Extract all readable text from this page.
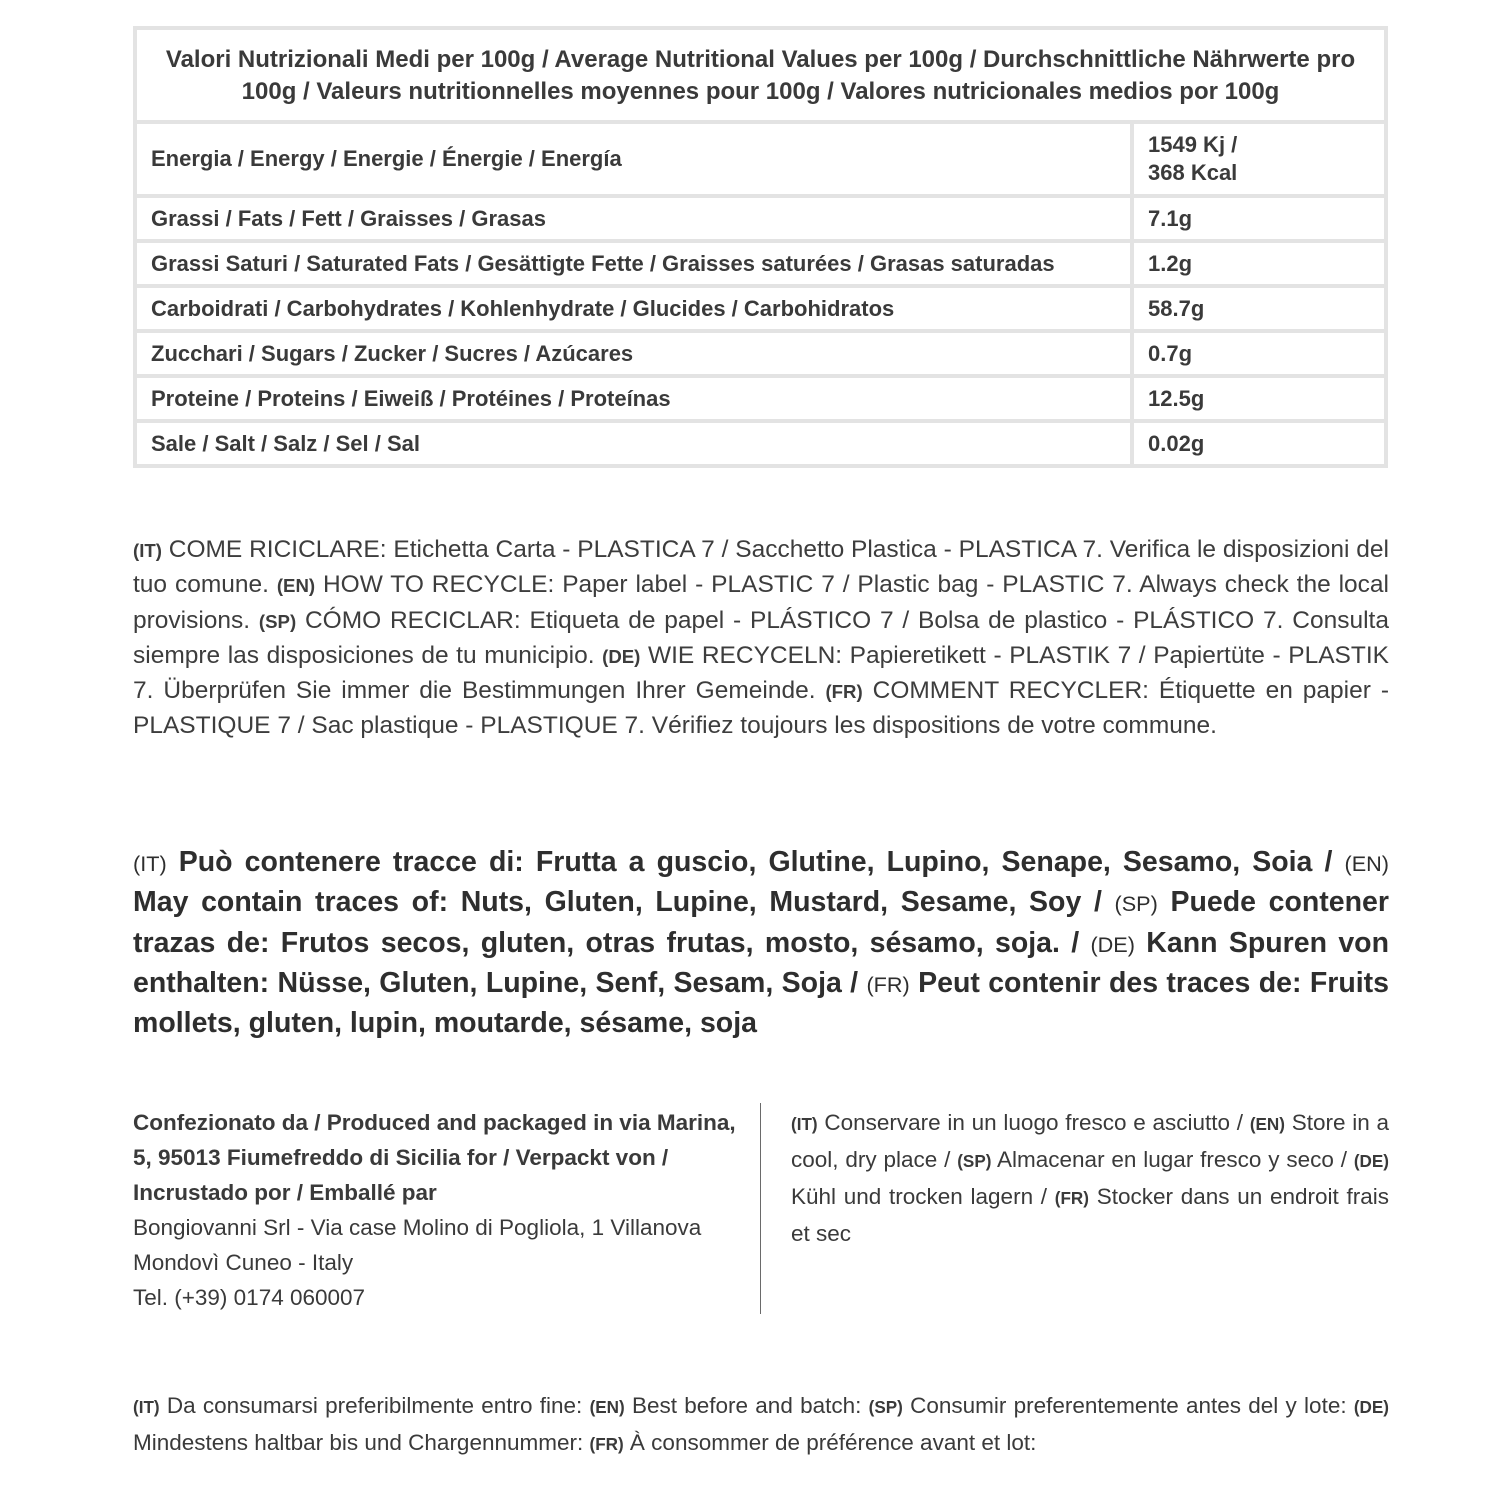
Valori Nutrizionali Medi per 100g / Average Nutritional Values per 100g / Durchschnittliche Nährwerte pro 100g / Valeurs nutritionnelles moyennes pour 100g / Valores nutricionales medios por 100g	
Energia / Energy / Energie / Énergie / Energía	1549 Kj /
368 Kcal

Grassi / Fats / Fett / Graisses / Grasas	7.1g
Grassi Saturi / Saturated Fats / Gesättigte Fette / Graisses saturées / Grasas saturadas	1.2g
Carboidrati / Carbohydrates / Kohlenhydrate / Glucides / Carbohidratos	58.7g
Zucchari / Sugars / Zucker / Sucres / Azúcares	0.7g
Proteine / Proteins / Eiweiß / Protéines / Proteínas	12.5g
Sale / Salt / Salz / Sel / Sal	0.02g

(IT) COME RICICLARE: Etichetta Carta - PLASTICA 7 / Sacchetto Plastica - PLASTICA 7. Verifica le disposizioni del tuo comune. (EN) HOW TO RECYCLE: Paper label - PLASTIC 7 / Plastic bag - PLASTIC 7. Always check the local provisions. (SP) CÓMO RECICLAR: Etiqueta de papel - PLÁSTICO 7 / Bolsa de plastico - PLÁSTICO 7. Consulta siempre las disposiciones de tu municipio. (DE) WIE RECYCELN: Papieretikett - PLASTIK 7 / Papiertüte - PLASTIK 7. Überprüfen Sie immer die Bestimmungen Ihrer Gemeinde. (FR) COMMENT RECYCLER: Étiquette en papier - PLASTIQUE 7 / Sac plastique - PLASTIQUE 7. Vérifiez toujours les dispositions de votre commune.

(IT) Può contenere tracce di: Frutta a guscio, Glutine, Lupino, Senape, Sesamo, Soia / (EN) May contain traces of: Nuts, Gluten, Lupine, Mustard, Sesame, Soy / (SP) Puede contener trazas de: Frutos secos, gluten, otras frutas, mosto, sésamo, soja. / (DE) Kann Spuren von enthalten: Nüsse, Gluten, Lupine, Senf, Sesam, Soja / (FR) Peut contenir des traces de: Fruits mollets, gluten, lupin, moutarde, sésame, soja

Confezionato da / Produced and packaged in via Marina, 5, 95013 Fiumefreddo di Sicilia for / Verpackt von / Incrustado por / Emballé par
Bongiovanni Srl - Via case Molino di Pogliola, 1 Villanova Mondovì Cuneo - Italy
Tel. (+39) 0174 060007

(IT) Conservare in un luogo fresco e asciutto / (EN) Store in a cool, dry place / (SP) Almacenar en lugar fresco y seco / (DE) Kühl und trocken lagern / (FR) Stocker dans un endroit frais et sec

(IT) Da consumarsi preferibilmente entro fine: (EN) Best before and batch: (SP) Consumir preferentemente antes del y lote: (DE) Mindestens haltbar bis und Chargennummer: (FR) À consommer de préférence avant et lot:
